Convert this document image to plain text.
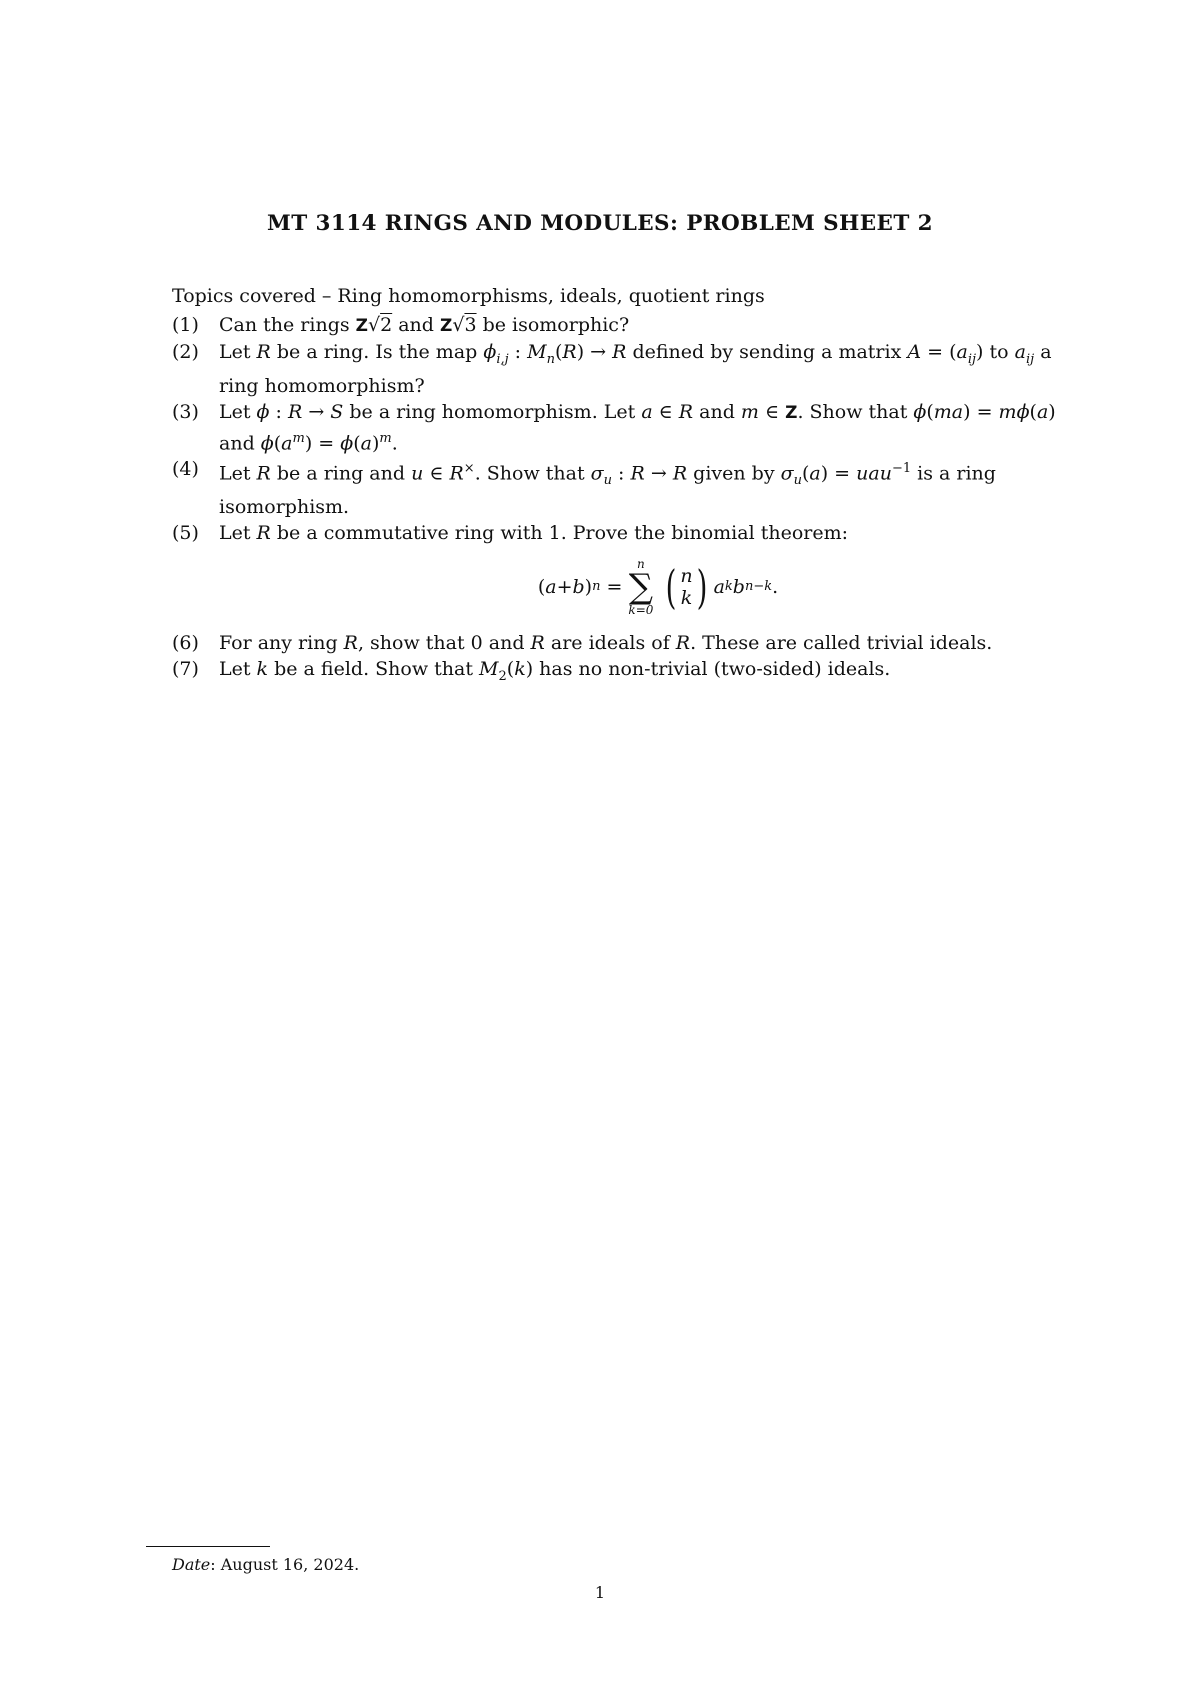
MT 3114 RINGS AND MODULES: PROBLEM SHEET 2
Topics covered – Ring homomorphisms, ideals, quotient rings
(1)	Can the rings Z√2 and Z√3 be isomorphic?
(2)	Let R be a ring. Is the map $\phi_{i,j}$ : $M_n(R) \to R$ defined by sending a matrix $A = (a_{ij})$ to $a_{ij}$ a ring homomorphism?
(3)	Let ϕ : R → S be a ring homomorphism. Let a ∈ R and m ∈ Z. Show that ϕ(ma) = mϕ(a) and $\phi(a^m) = \phi(a)^m$.
(4)	Let R be a ring and u ∈ R×. Show that $\sigma_u$ : R → R given by $\sigma_u(a) = uau^{-1}$ is a ring isomorphism.
(5)	Let R be a commutative ring with 1. Prove the binomial theorem:
( a + b ) n =
n
∑
k=0 ( n
k ) a k b n−k .
(6)	For any ring R, show that 0 and R are ideals of R. These are called trivial ideals.
(7)	Let k be a field. Show that $M_2(k)$ has no non-trivial (two-sided) ideals.
Date: August 16, 2024.
1
